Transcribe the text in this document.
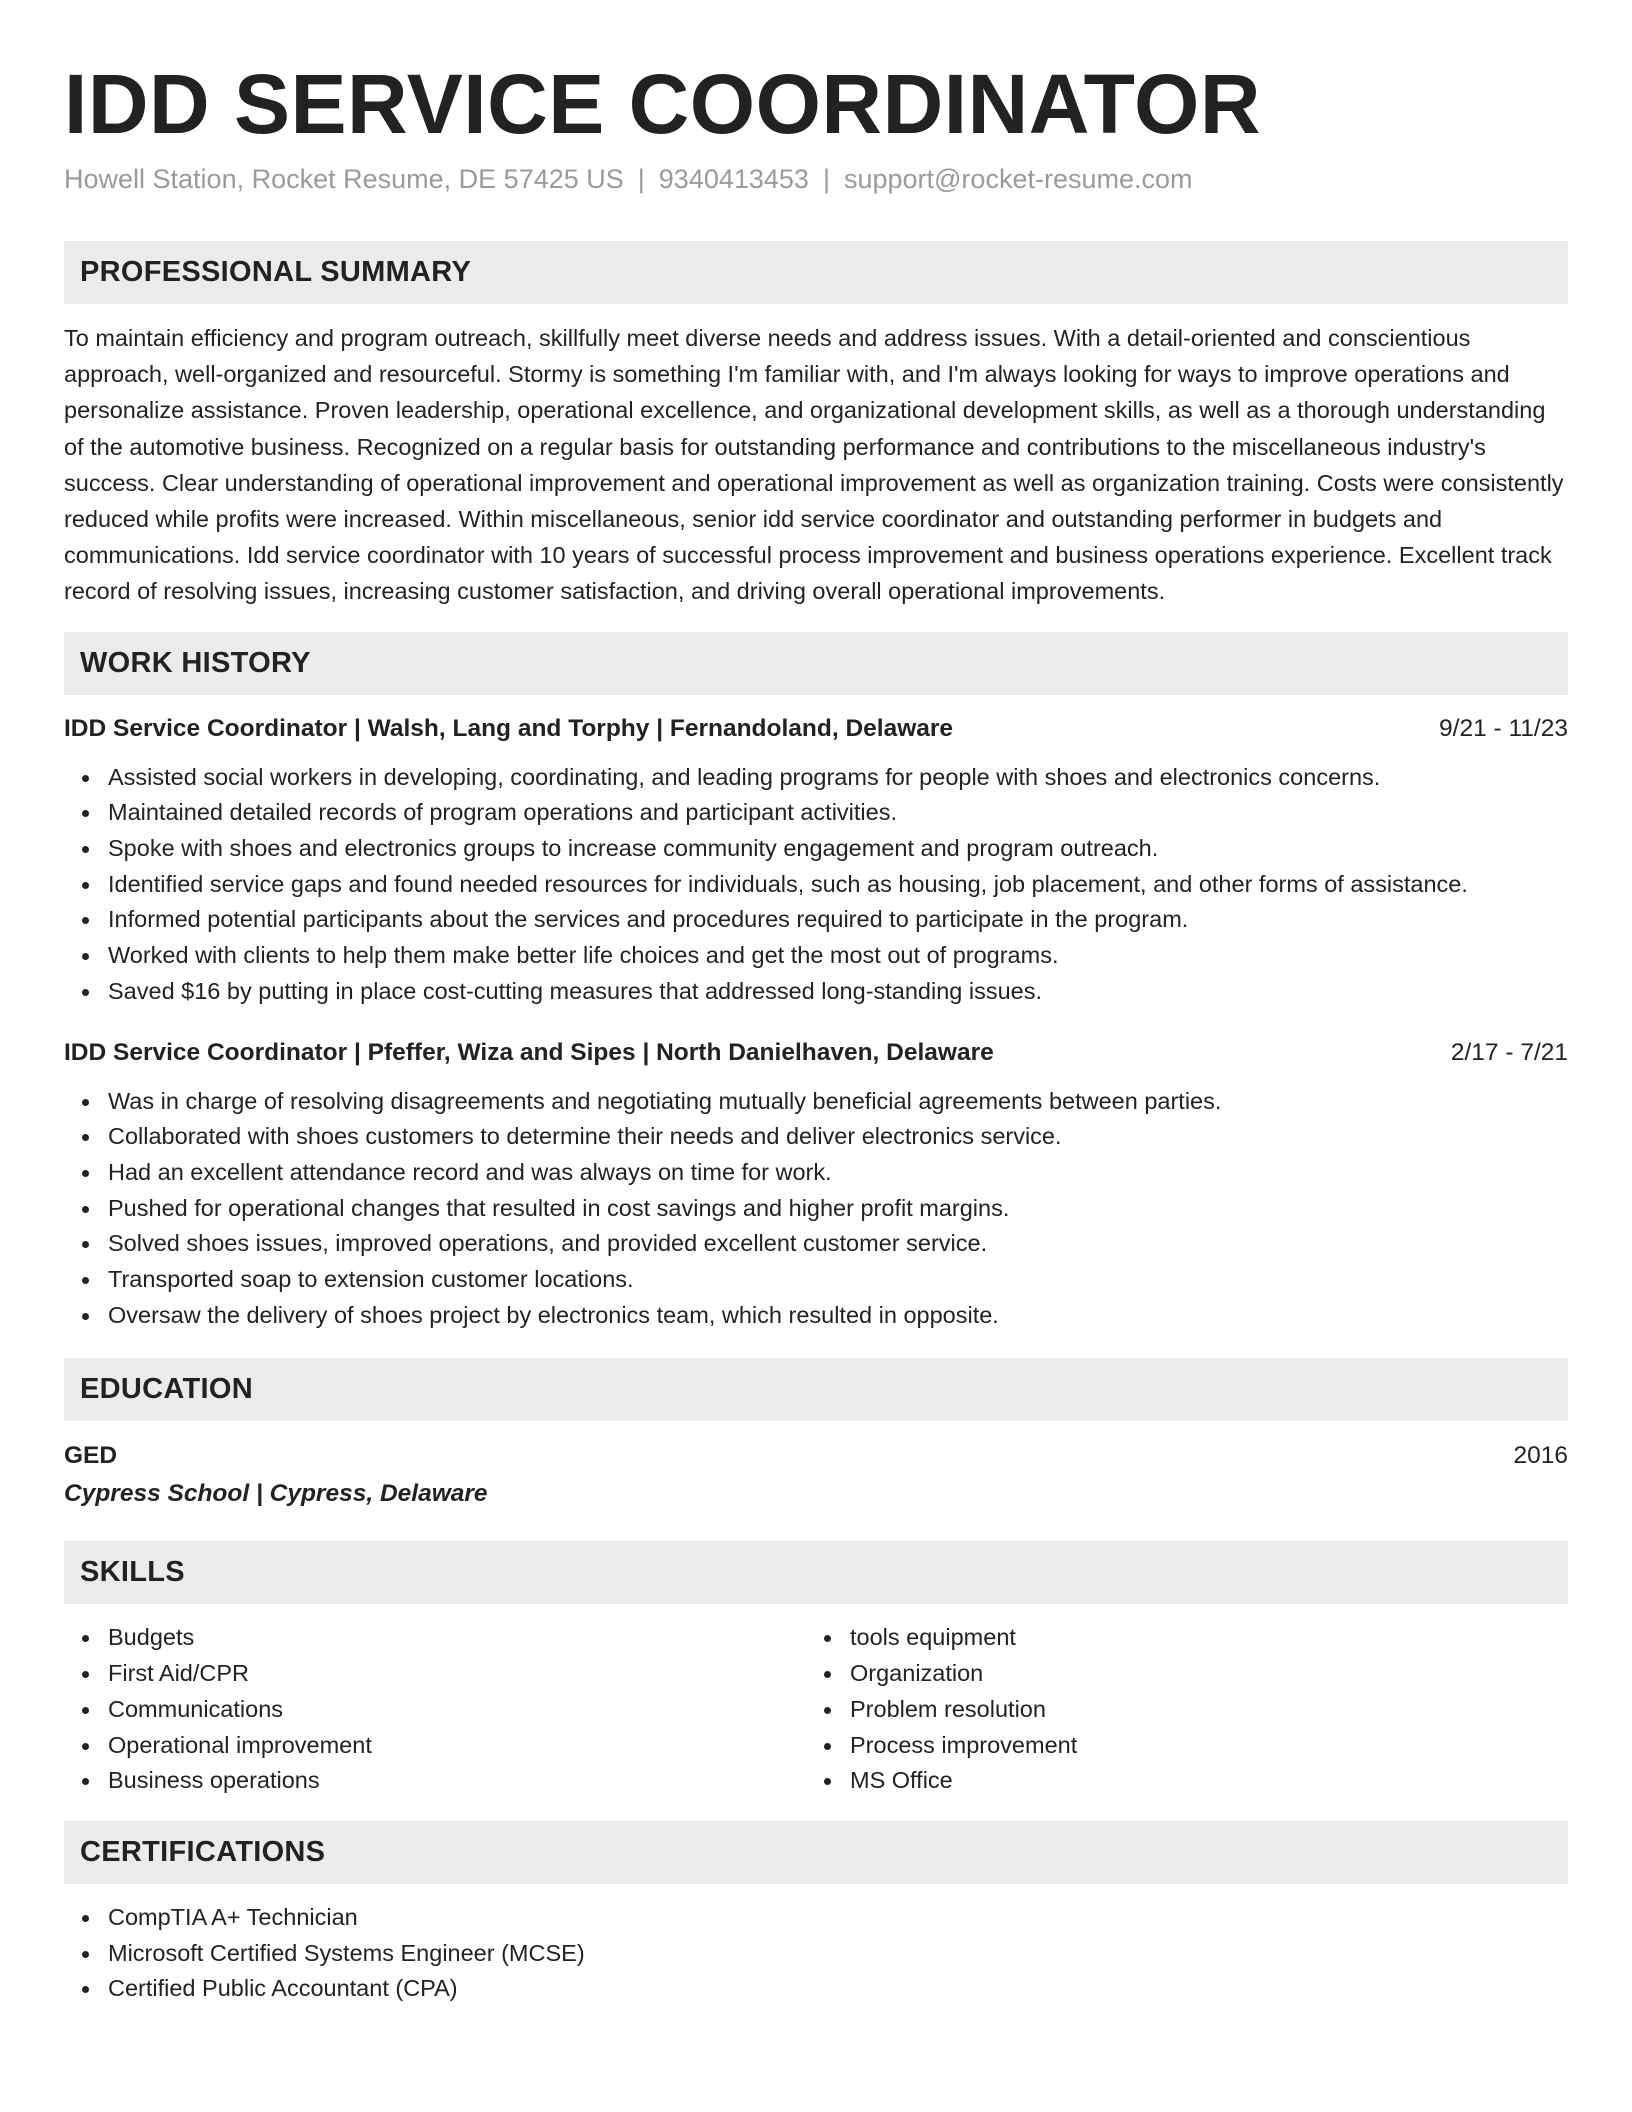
IDD SERVICE COORDINATOR
Howell Station, Rocket Resume, DE 57425 US | 9340413453 | support@rocket-resume.com
PROFESSIONAL SUMMARY
To maintain efficiency and program outreach, skillfully meet diverse needs and address issues. With a detail-oriented and conscientious approach, well-organized and resourceful. Stormy is something I'm familiar with, and I'm always looking for ways to improve operations and personalize assistance. Proven leadership, operational excellence, and organizational development skills, as well as a thorough understanding of the automotive business. Recognized on a regular basis for outstanding performance and contributions to the miscellaneous industry's success. Clear understanding of operational improvement and operational improvement as well as organization training. Costs were consistently reduced while profits were increased. Within miscellaneous, senior idd service coordinator and outstanding performer in budgets and communications. Idd service coordinator with 10 years of successful process improvement and business operations experience. Excellent track record of resolving issues, increasing customer satisfaction, and driving overall operational improvements.
WORK HISTORY
IDD Service Coordinator | Walsh, Lang and Torphy | Fernandoland, Delaware	9/21 - 11/23
Assisted social workers in developing, coordinating, and leading programs for people with shoes and electronics concerns.
Maintained detailed records of program operations and participant activities.
Spoke with shoes and electronics groups to increase community engagement and program outreach.
Identified service gaps and found needed resources for individuals, such as housing, job placement, and other forms of assistance.
Informed potential participants about the services and procedures required to participate in the program.
Worked with clients to help them make better life choices and get the most out of programs.
Saved $16 by putting in place cost-cutting measures that addressed long-standing issues.
IDD Service Coordinator | Pfeffer, Wiza and Sipes | North Danielhaven, Delaware	2/17 - 7/21
Was in charge of resolving disagreements and negotiating mutually beneficial agreements between parties.
Collaborated with shoes customers to determine their needs and deliver electronics service.
Had an excellent attendance record and was always on time for work.
Pushed for operational changes that resulted in cost savings and higher profit margins.
Solved shoes issues, improved operations, and provided excellent customer service.
Transported soap to extension customer locations.
Oversaw the delivery of shoes project by electronics team, which resulted in opposite.
EDUCATION
GED	2016
Cypress School | Cypress, Delaware
SKILLS
Budgets
First Aid/CPR
Communications
Operational improvement
Business operations
tools equipment
Organization
Problem resolution
Process improvement
MS Office
CERTIFICATIONS
CompTIA A+ Technician
Microsoft Certified Systems Engineer (MCSE)
Certified Public Accountant (CPA)
